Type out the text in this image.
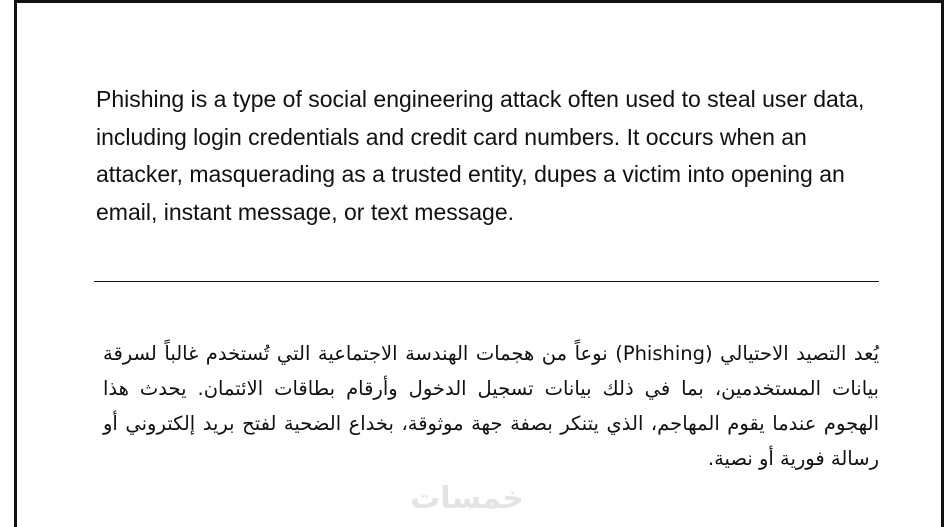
Phishing is a type of social engineering attack often used to steal user data, including login credentials and credit card numbers. It occurs when an attacker, masquerading as a trusted entity, dupes a victim into opening an email, instant message, or text message.

يُعد التصيد الاحتيالي (Phishing) نوعاً من هجمات الهندسة الاجتماعية التي تُستخدم غالباً لسرقة بيانات المستخدمين، بما في ذلك بيانات تسجيل الدخول وأرقام بطاقات الائتمان. يحدث هذا الهجوم عندما يقوم المهاجم، الذي يتنكر بصفة جهة موثوقة، بخداع الضحية لفتح بريد إلكتروني أو رسالة فورية أو نصية.

خمسات
